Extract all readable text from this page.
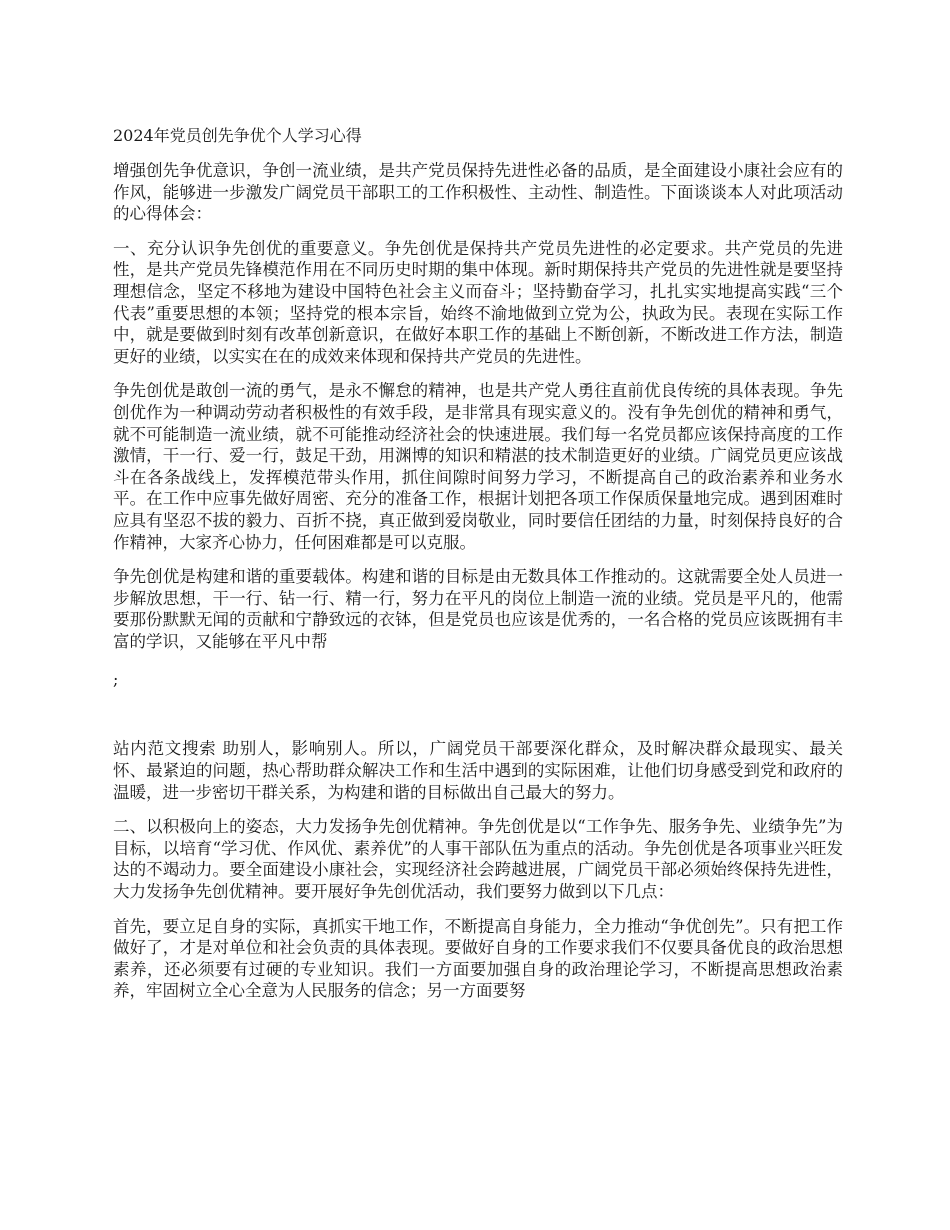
2024年党员创先争优个人学习心得

增强创先争优意识，争创一流业绩，是共产党员保持先进性必备的品质，是全面建设小康社会应有的作风，能够进一步激发广阔党员干部职工的工作积极性、主动性、制造性。下面谈谈本人对此项活动的心得体会：

一、充分认识争先创优的重要意义。争先创优是保持共产党员先进性的必定要求。共产党员的先进性，是共产党员先锋模范作用在不同历史时期的集中体现。新时期保持共产党员的先进性就是要坚持理想信念，坚定不移地为建设中国特色社会主义而奋斗；坚持勤奋学习，扎扎实实地提高实践“三个代表”重要思想的本领；坚持党的根本宗旨，始终不渝地做到立党为公，执政为民。表现在实际工作中，就是要做到时刻有改革创新意识，在做好本职工作的基础上不断创新，不断改进工作方法，制造更好的业绩，以实实在在的成效来体现和保持共产党员的先进性。

争先创优是敢创一流的勇气，是永不懈怠的精神，也是共产党人勇往直前优良传统的具体表现。争先创优作为一种调动劳动者积极性的有效手段，是非常具有现实意义的。没有争先创优的精神和勇气，就不可能制造一流业绩，就不可能推动经济社会的快速进展。我们每一名党员都应该保持高度的工作激情，干一行、爱一行，鼓足干劲，用渊博的知识和精湛的技术制造更好的业绩。广阔党员更应该战斗在各条战线上，发挥模范带头作用，抓住间隙时间努力学习，不断提高自己的政治素养和业务水平。在工作中应事先做好周密、充分的准备工作，根据计划把各项工作保质保量地完成。遇到困难时应具有坚忍不拔的毅力、百折不挠，真正做到爱岗敬业，同时要信任团结的力量，时刻保持良好的合作精神，大家齐心协力，任何困难都是可以克服。

争先创优是构建和谐的重要载体。构建和谐的目标是由无数具体工作推动的。这就需要全处人员进一步解放思想，干一行、钻一行、精一行，努力在平凡的岗位上制造一流的业绩。党员是平凡的，他需要那份默默无闻的贡献和宁静致远的衣钵，但是党员也应该是优秀的，一名合格的党员应该既拥有丰富的学识，又能够在平凡中帮

;

站内范文搜索 助别人，影响别人。所以，广阔党员干部要深化群众，及时解决群众最现实、最关怀、最紧迫的问题，热心帮助群众解决工作和生活中遇到的实际困难，让他们切身感受到党和政府的温暖，进一步密切干群关系，为构建和谐的目标做出自己最大的努力。

二、以积极向上的姿态，大力发扬争先创优精神。争先创优是以“工作争先、服务争先、业绩争先”为目标，以培育“学习优、作风优、素养优”的人事干部队伍为重点的活动。争先创优是各项事业兴旺发达的不竭动力。要全面建设小康社会，实现经济社会跨越进展，广阔党员干部必须始终保持先进性，大力发扬争先创优精神。要开展好争先创优活动，我们要努力做到以下几点：

首先，要立足自身的实际，真抓实干地工作，不断提高自身能力，全力推动“争优创先”。只有把工作做好了，才是对单位和社会负责的具体表现。要做好自身的工作要求我们不仅要具备优良的政治思想素养，还必须要有过硬的专业知识。我们一方面要加强自身的政治理论学习，不断提高思想政治素养，牢固树立全心全意为人民服务的信念；另一方面要努
